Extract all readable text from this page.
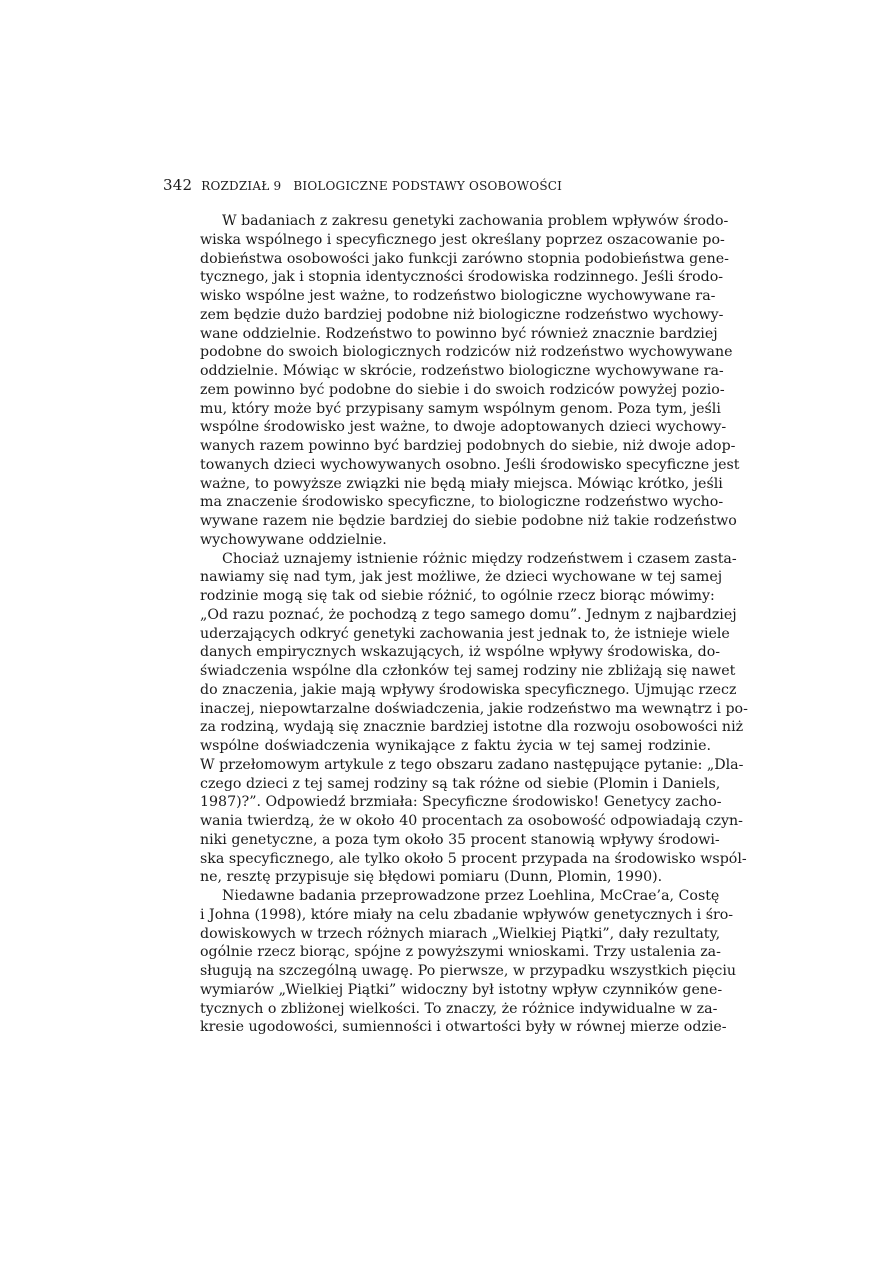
342 ROZDZIAŁ 9 BIOLOGICZNE PODSTAWY OSOBOWOŚCI
W badaniach z zakresu genetyki zachowania problem wpływów środo-
wiska wspólnego i specyficznego jest określany poprzez oszacowanie po-
dobieństwa osobowości jako funkcji zarówno stopnia podobieństwa gene-
tycznego, jak i stopnia identyczności środowiska rodzinnego. Jeśli środo-
wisko wspólne jest ważne, to rodzeństwo biologiczne wychowywane ra-
zem będzie dużo bardziej podobne niż biologiczne rodzeństwo wychowy-
wane oddzielnie. Rodzeństwo to powinno być również znacznie bardziej
podobne do swoich biologicznych rodziców niż rodzeństwo wychowywane
oddzielnie. Mówiąc w skrócie, rodzeństwo biologiczne wychowywane ra-
zem powinno być podobne do siebie i do swoich rodziców powyżej pozio-
mu, który może być przypisany samym wspólnym genom. Poza tym, jeśli
wspólne środowisko jest ważne, to dwoje adoptowanych dzieci wychowy-
wanych razem powinno być bardziej podobnych do siebie, niż dwoje adop-
towanych dzieci wychowywanych osobno. Jeśli środowisko specyficzne jest
ważne, to powyższe związki nie będą miały miejsca. Mówiąc krótko, jeśli
ma znaczenie środowisko specyficzne, to biologiczne rodzeństwo wycho-
wywane razem nie będzie bardziej do siebie podobne niż takie rodzeństwo
wychowywane oddzielnie.
Chociaż uznajemy istnienie różnic między rodzeństwem i czasem zasta-
nawiamy się nad tym, jak jest możliwe, że dzieci wychowane w tej samej
rodzinie mogą się tak od siebie różnić, to ogólnie rzecz biorąc mówimy:
„Od razu poznać, że pochodzą z tego samego domu”. Jednym z najbardziej
uderzających odkryć genetyki zachowania jest jednak to, że istnieje wiele
danych empirycznych wskazujących, iż wspólne wpływy środowiska, do-
świadczenia wspólne dla członków tej samej rodziny nie zbliżają się nawet
do znaczenia, jakie mają wpływy środowiska specyficznego. Ujmując rzecz
inaczej, niepowtarzalne doświadczenia, jakie rodzeństwo ma wewnątrz i po-
za rodziną, wydają się znacznie bardziej istotne dla rozwoju osobowości niż
wspólne doświadczenia wynikające z faktu życia w tej samej rodzinie.
W przełomowym artykule z tego obszaru zadano następujące pytanie: „Dla-
czego dzieci z tej samej rodziny są tak różne od siebie (Plomin i Daniels,
1987)?”. Odpowiedź brzmiała: Specyficzne środowisko! Genetycy zacho-
wania twierdzą, że w około 40 procentach za osobowość odpowiadają czyn-
niki genetyczne, a poza tym około 35 procent stanowią wpływy środowi-
ska specyficznego, ale tylko około 5 procent przypada na środowisko wspól-
ne, resztę przypisuje się błędowi pomiaru (Dunn, Plomin, 1990).
Niedawne badania przeprowadzone przez Loehlina, McCrae’a, Costę
i Johna (1998), które miały na celu zbadanie wpływów genetycznych i śro-
dowiskowych w trzech różnych miarach „Wielkiej Piątki”, dały rezultaty,
ogólnie rzecz biorąc, spójne z powyższymi wnioskami. Trzy ustalenia za-
sługują na szczególną uwagę. Po pierwsze, w przypadku wszystkich pięciu
wymiarów „Wielkiej Piątki” widoczny był istotny wpływ czynników gene-
tycznych o zbliżonej wielkości. To znaczy, że różnice indywidualne w za-
kresie ugodowości, sumienności i otwartości były w równej mierze odzie-
